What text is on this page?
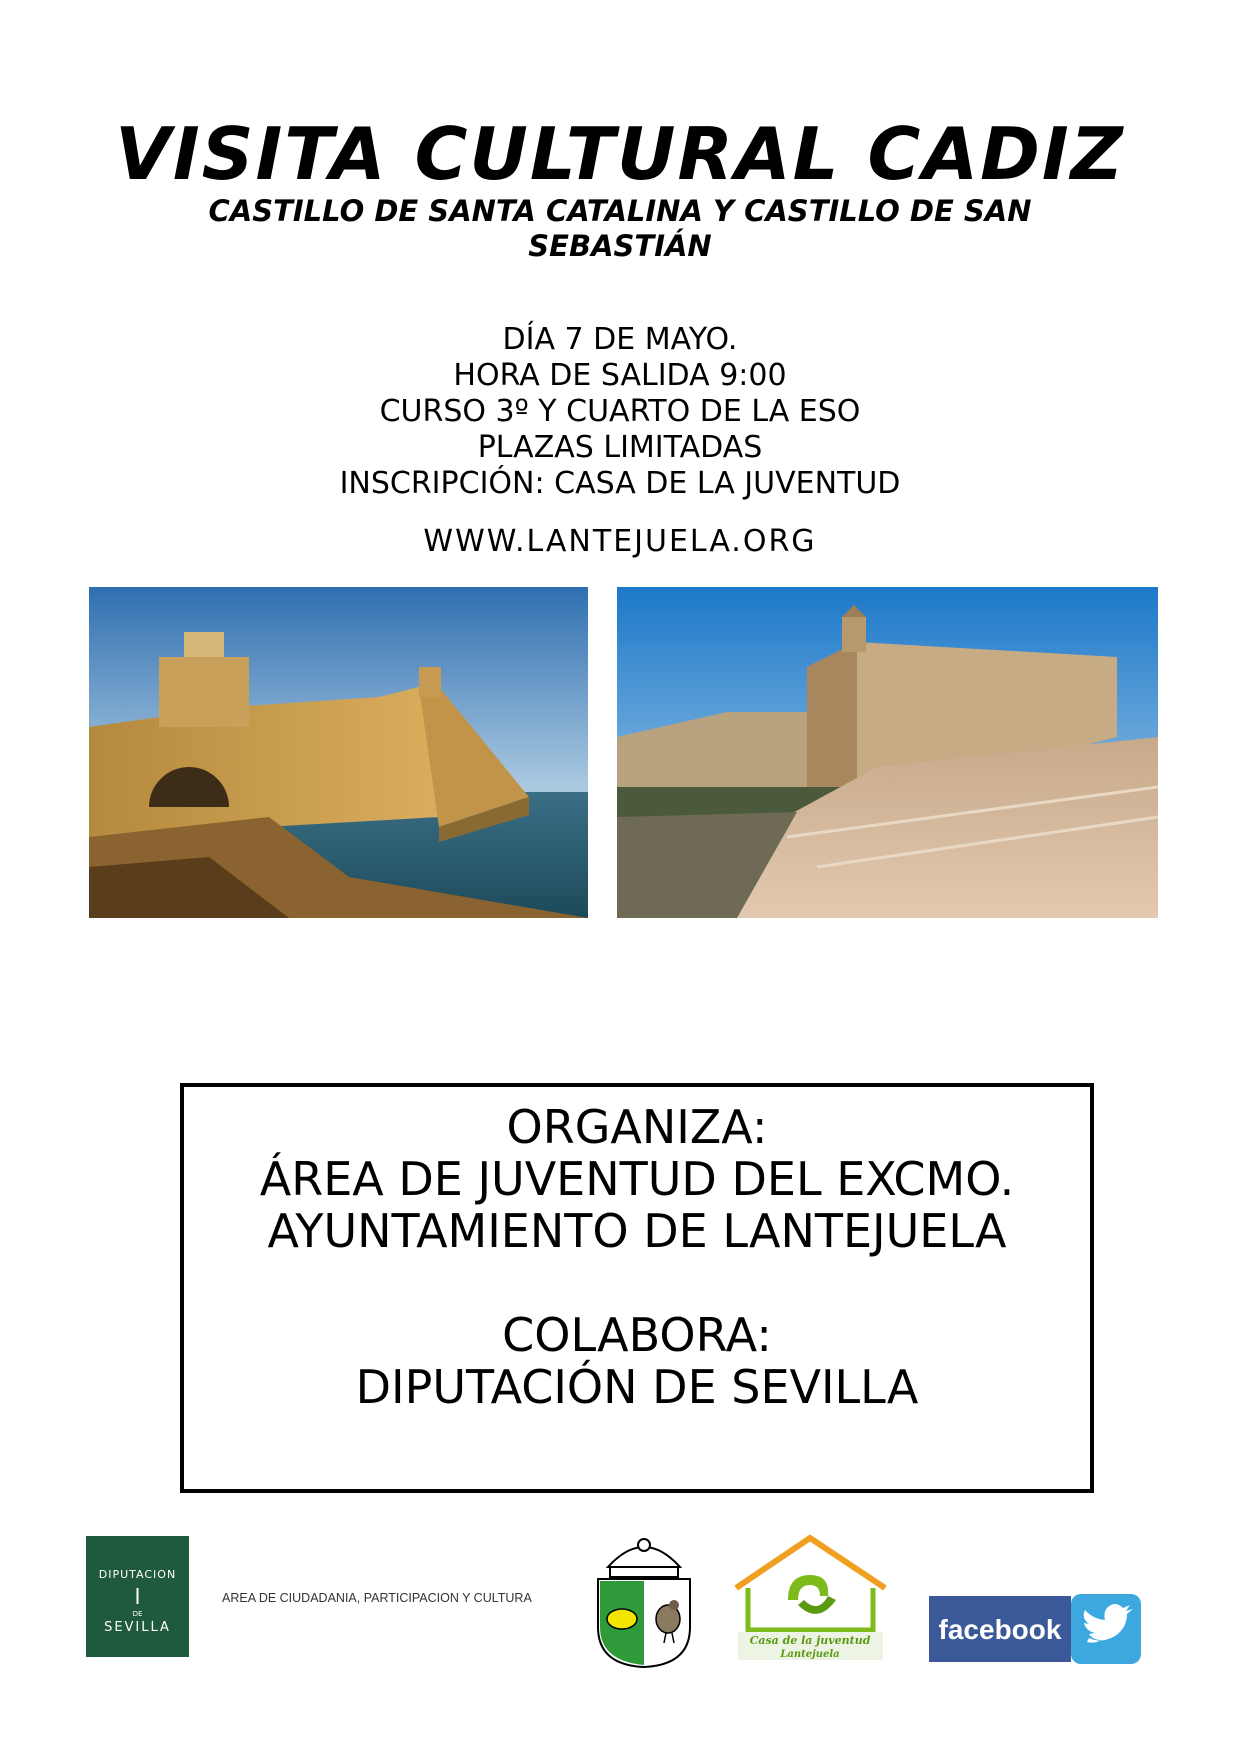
VISITA CULTURAL CADIZ
CASTILLO DE SANTA CATALINA Y CASTILLO DE SAN
SEBASTIÁN
DÍA 7 DE MAYO.
HORA DE SALIDA 9:00
CURSO 3º Y CUARTO DE LA ESO
PLAZAS LIMITADAS
INSCRIPCIÓN: CASA DE LA JUVENTUD
WWW.LANTEJUELA.ORG
ORGANIZA:
ÁREA DE JUVENTUD DEL EXCMO.
AYUNTAMIENTO DE LANTEJUELA
COLABORA:
DIPUTACIÓN DE SEVILLA
DIPUTACION
DE
SEVILLA
AREA DE CIUDADANIA, PARTICIPACION Y CULTURA
Casa de la juventud
Lantejuela
facebook
